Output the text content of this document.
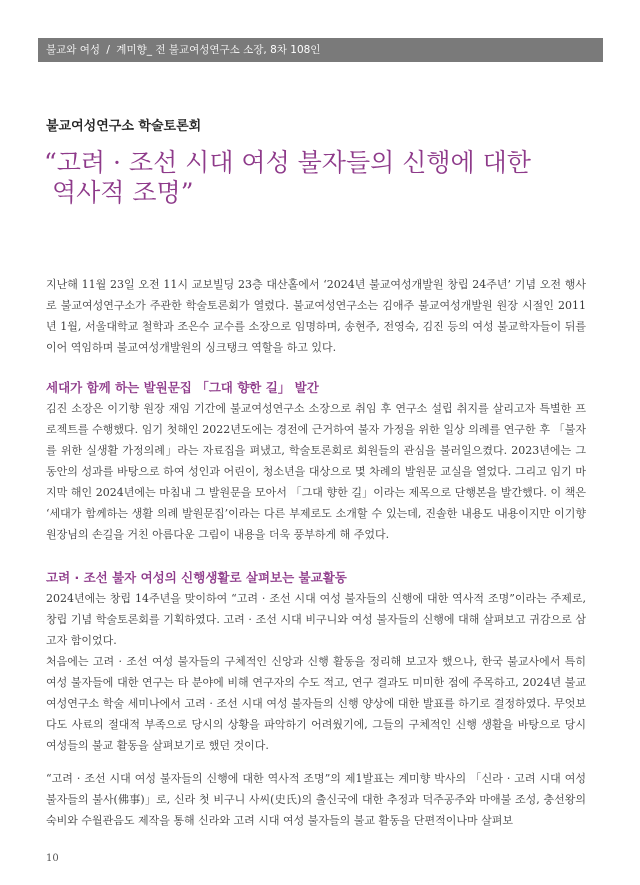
불교와 여성 / 계미향_ 전 불교여성연구소 소장, 8차 108인
불교여성연구소 학술토론회
“고려 · 조선 시대 여성 불자들의 신행에 대한
역사적 조명”

지난해 11월 23일 오전 11시 교보빌딩 23층 대산홀에서 ‘2024년 불교여성개발원 창립 24주년’ 기념 오전 행사로 불교여성연구소가 주관한 학술토론회가 열렸다. 불교여성연구소는 김애주 불교여성개발원 원장 시절인 2011년 1월, 서울대학교 철학과 조은수 교수를 소장으로 임명하며, 송현주, 전영숙, 김진 등의 여성 불교학자들이 뒤를 이어 역임하며 불교여성개발원의 싱크탱크 역할을 하고 있다.

세대가 함께 하는 발원문집 「그대 향한 길」 발간

김진 소장은 이기향 원장 재임 기간에 불교여성연구소 소장으로 취임 후 연구소 설립 취지를 살리고자 특별한 프로젝트를 수행했다. 임기 첫해인 2022년도에는 경전에 근거하여 불자 가정을 위한 일상 의례를 연구한 후 「불자를 위한 실생활 가정의례」라는 자료집을 펴냈고, 학술토론회로 회원들의 관심을 불러일으켰다. 2023년에는 그동안의 성과를 바탕으로 하여 성인과 어린이, 청소년을 대상으로 몇 차례의 발원문 교실을 열었다. 그리고 임기 마지막 해인 2024년에는 마침내 그 발원문을 모아서 「그대 향한 길」이라는 제목으로 단행본을 발간했다. 이 책은 ‘세대가 함께하는 생활 의례 발원문집’이라는 다른 부제로도 소개할 수 있는데, 진솔한 내용도 내용이지만 이기향 원장님의 손길을 거친 아름다운 그림이 내용을 더욱 풍부하게 해 주었다.

고려 · 조선 불자 여성의 신행생활로 살펴보는 불교활동

2024년에는 창립 14주년을 맞이하여 “고려 · 조선 시대 여성 불자들의 신행에 대한 역사적 조명”이라는 주제로, 창립 기념 학술토론회를 기획하였다. 고려 · 조선 시대 비구니와 여성 불자들의 신행에 대해 살펴보고 귀감으로 삼고자 함이었다.

처음에는 고려 · 조선 여성 불자들의 구체적인 신앙과 신행 활동을 정리해 보고자 했으나, 한국 불교사에서 특히 여성 불자들에 대한 연구는 타 분야에 비해 연구자의 수도 적고, 연구 결과도 미미한 점에 주목하고, 2024년 불교여성연구소 학술 세미나에서 고려 · 조선 시대 여성 불자들의 신행 양상에 대한 발표를 하기로 결정하였다. 무엇보다도 사료의 절대적 부족으로 당시의 상황을 파악하기 어려웠기에, 그들의 구체적인 신행 생활을 바탕으로 당시 여성들의 불교 활동을 살펴보기로 했던 것이다.

“고려 · 조선 시대 여성 불자들의 신행에 대한 역사적 조명”의 제1발표는 계미향 박사의 「신라 · 고려 시대 여성 불자들의 불사(佛事)」로, 신라 첫 비구니 사씨(史氏)의 출신국에 대한 추정과 덕주공주와 마애불 조성, 충선왕의 숙비와 수월관음도 제작을 통해 신라와 고려 시대 여성 불자들의 불교 활동을 단편적이나마 살펴보

10
